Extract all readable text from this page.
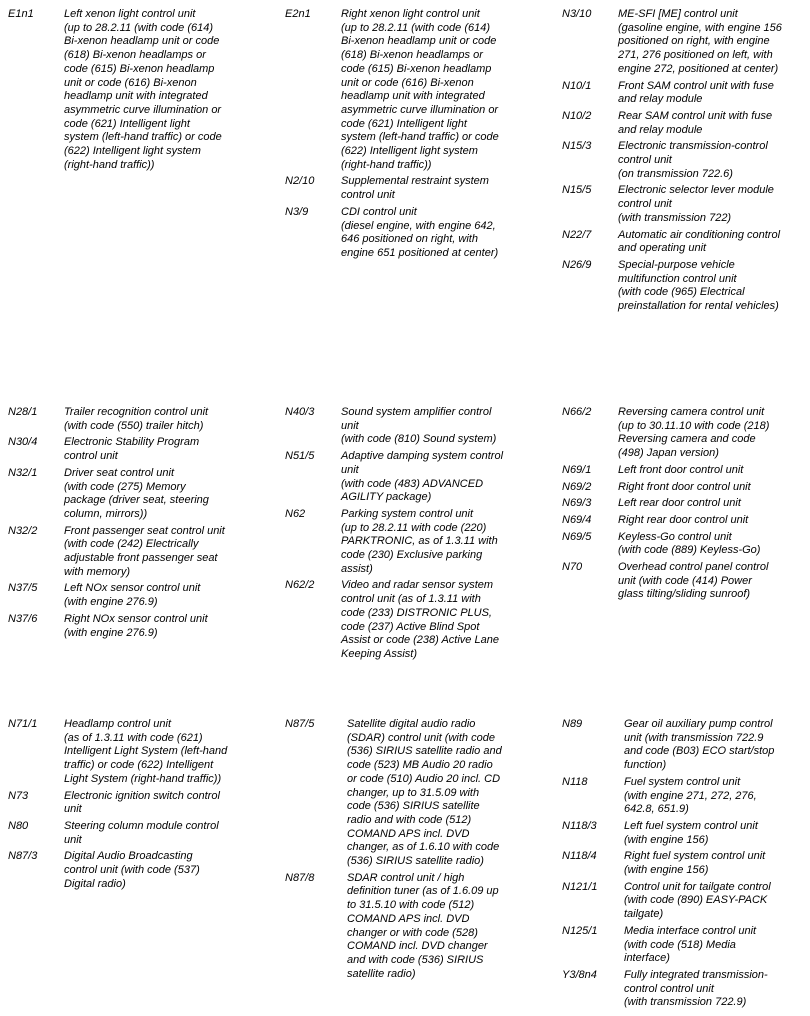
E1n1	Left xenon light control unit
(up to 28.2.11 (with code (614)
Bi-xenon headlamp unit or code
(618) Bi-xenon headlamps or
code (615) Bi-xenon headlamp
unit or code (616) Bi-xenon
headlamp unit with integrated
asymmetric curve illumination or
code (621) Intelligent light
system (left-hand traffic) or code
(622) Intelligent light system
(right-hand traffic))
E2n1	Right xenon light control unit
(up to 28.2.11 (with code (614)
Bi-xenon headlamp unit or code
(618) Bi-xenon headlamps or
code (615) Bi-xenon headlamp
unit or code (616) Bi-xenon
headlamp unit with integrated
asymmetric curve illumination or
code (621) Intelligent light
system (left-hand traffic) or code
(622) Intelligent light system
(right-hand traffic))
N2/10	Supplemental restraint system
control unit
N3/9	CDI control unit
(diesel engine, with engine 642,
646 positioned on right, with
engine 651 positioned at center)
N3/10	ME-SFI [ME] control unit
(gasoline engine, with engine 156
positioned on right, with engine
271, 276 positioned on left, with
engine 272, positioned at center)
N10/1	Front SAM control unit with fuse
and relay module
N10/2	Rear SAM control unit with fuse
and relay module
N15/3	Electronic transmission-control
control unit
(on transmission 722.6)
N15/5	Electronic selector lever module
control unit
(with transmission 722)
N22/7	Automatic air conditioning control
and operating unit
N26/9	Special-purpose vehicle
multifunction control unit
(with code (965) Electrical
preinstallation for rental vehicles)
N28/1	Trailer recognition control unit
(with code (550) trailer hitch)
N30/4	Electronic Stability Program
control unit
N32/1	Driver seat control unit
(with code (275) Memory
package (driver seat, steering
column, mirrors))
N32/2	Front passenger seat control unit
(with code (242) Electrically
adjustable front passenger seat
with memory)
N37/5	Left NOx sensor control unit
(with engine 276.9)
N37/6	Right NOx sensor control unit
(with engine 276.9)
N40/3	Sound system amplifier control
unit
(with code (810) Sound system)
N51/5	Adaptive damping system control
unit
(with code (483) ADVANCED
AGILITY package)
N62	Parking system control unit
(up to 28.2.11 with code (220)
PARKTRONIC, as of 1.3.11 with
code (230) Exclusive parking
assist)
N62/2	Video and radar sensor system
control unit (as of 1.3.11 with
code (233) DISTRONIC PLUS,
code (237) Active Blind Spot
Assist or code (238) Active Lane
Keeping Assist)
N66/2	Reversing camera control unit
(up to 30.11.10 with code (218)
Reversing camera and code
(498) Japan version)
N69/1	Left front door control unit
N69/2	Right front door control unit
N69/3	Left rear door control unit
N69/4	Right rear door control unit
N69/5	Keyless-Go control unit
(with code (889) Keyless-Go)
N70	Overhead control panel control
unit (with code (414) Power
glass tilting/sliding sunroof)
N71/1	Headlamp control unit
(as of 1.3.11 with code (621)
Intelligent Light System (left-hand
traffic) or code (622) Intelligent
Light System (right-hand traffic))
N73	Electronic ignition switch control
unit
N80	Steering column module control
unit
N87/3	Digital Audio Broadcasting
control unit (with code (537)
Digital radio)
N87/5	Satellite digital audio radio
(SDAR) control unit (with code
(536) SIRIUS satellite radio and
code (523) MB Audio 20 radio
or code (510) Audio 20 incl. CD
changer, up to 31.5.09 with
code (536) SIRIUS satellite
radio and with code (512)
COMAND APS incl. DVD
changer, as of 1.6.10 with code
(536) SIRIUS satellite radio)
N87/8	SDAR control unit / high
definition tuner (as of 1.6.09 up
to 31.5.10 with code (512)
COMAND APS incl. DVD
changer or with code (528)
COMAND incl. DVD changer
and with code (536) SIRIUS
satellite radio)
N89	Gear oil auxiliary pump control
unit (with transmission 722.9
and code (B03) ECO start/stop
function)
N118	Fuel system control unit
(with engine 271, 272, 276,
642.8, 651.9)
N118/3	Left fuel system control unit
(with engine 156)
N118/4	Right fuel system control unit
(with engine 156)
N121/1	Control unit for tailgate control
(with code (890) EASY-PACK
tailgate)
N125/1	Media interface control unit
(with code (518) Media
interface)
Y3/8n4	Fully integrated transmission-
control control unit
(with transmission 722.9)
